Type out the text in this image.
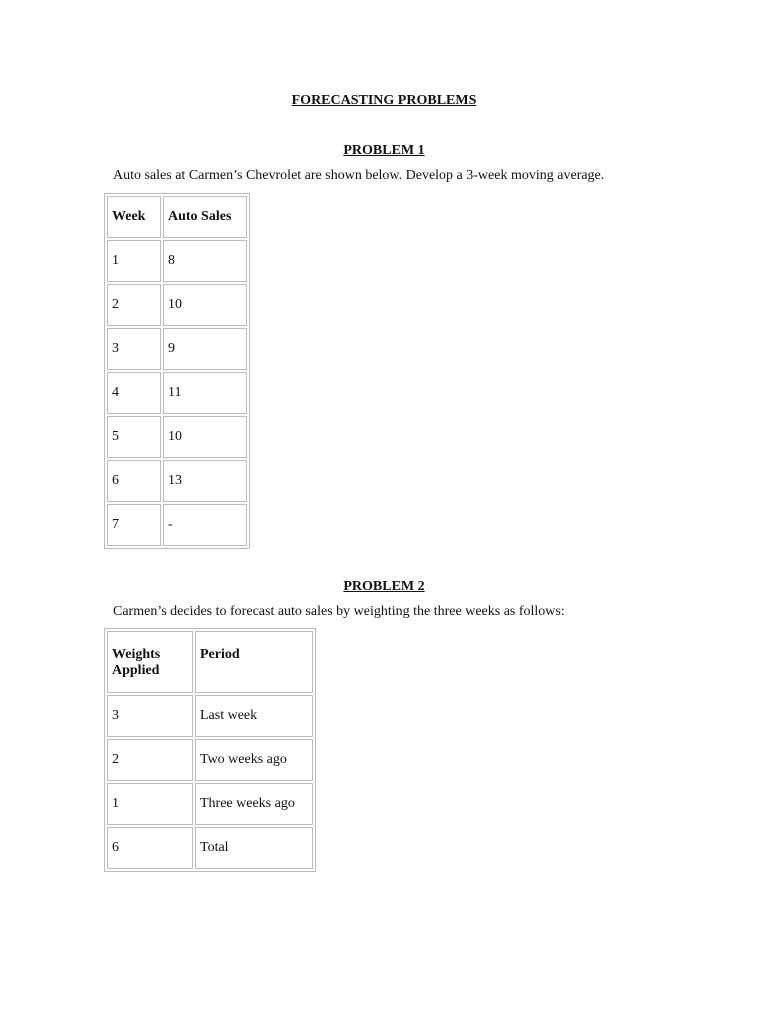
FORECASTING PROBLEMS
PROBLEM 1

Auto sales at Carmen’s Chevrolet are shown below. Develop a 3-week moving average.

Week	Auto Sales
1	8
2	10
3	9
4	11
5	10
6	13
7	-
PROBLEM 2

Carmen’s decides to forecast auto sales by weighting the three weeks as follows:

Weights Applied	Period
3	Last week
2	Two weeks ago
1	Three weeks ago
6	Total
